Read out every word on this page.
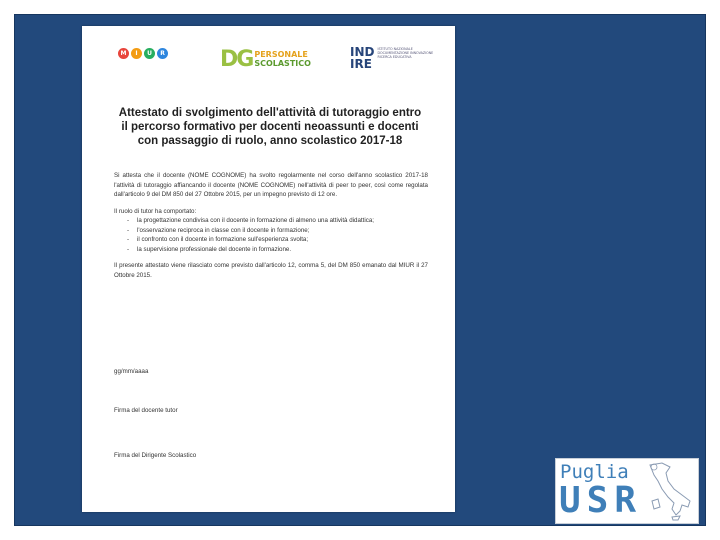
M	I	U	R	DG PERSONALE
SCOLASTICO
IND
IRE
ISTITUTO NAZIONALE DOCUMENTAZIONE INNOVAZIONE RICERCA EDUCATIVA
Attestato di svolgimento dell'attività di tutoraggio entro il percorso formativo per docenti neoassunti e docenti con passaggio di ruolo, anno scolastico 2017-18

Si attesta che il docente (NOME COGNOME) ha svolto regolarmente nel corso dell'anno scolastico 2017-18 l'attività di tutoraggio affiancando il docente (NOME COGNOME) nell'attività di peer to peer, così come regolata dall'articolo 9 del DM 850 del 27 Ottobre 2015, per un impegno previsto di 12 ore.

Il ruolo di tutor ha comportato:

- la progettazione condivisa con il docente in formazione di almeno una attività didattica;
- l'osservazione reciproca in classe con il docente in formazione;
- il confronto con il docente in formazione sull'esperienza svolta;
- la supervisione professionale del docente in formazione.

Il presente attestato viene rilasciato come previsto dall'articolo 12, comma 5, del DM 850 emanato dal MIUR il 27 Ottobre 2015.

gg/mm/aaaa
Firma del docente tutor
Firma del Dirigente Scolastico
Puglia
USR
